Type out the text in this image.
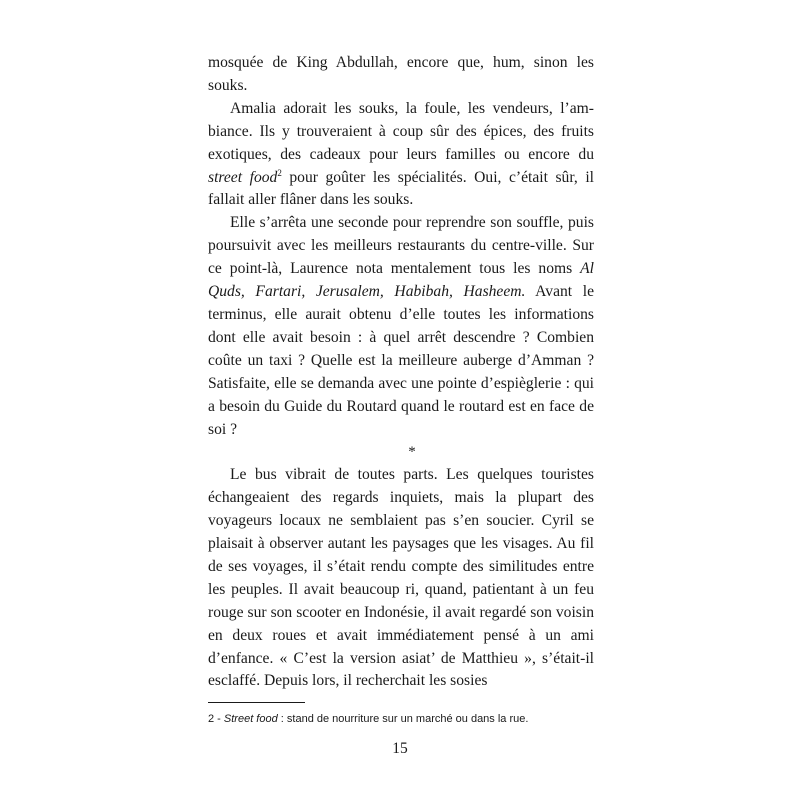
mosquée de King Abdullah, encore que, hum, sinon les souks.

Amalia adorait les souks, la foule, les vendeurs, l’ambiance. Ils y trouveraient à coup sûr des épices, des fruits exotiques, des cadeaux pour leurs familles ou encore du street food$^2$ pour goûter les spécialités. Oui, c’était sûr, il fallait aller flâner dans les souks.

Elle s’arrêta une seconde pour reprendre son souffle, puis poursuivit avec les meilleurs restaurants du centre-ville. Sur ce point-là, Laurence nota mentalement tous les noms Al Quds, Fartari, Jerusalem, Habibah, Hasheem. Avant le terminus, elle aurait obtenu d’elle toutes les informations dont elle avait besoin : à quel arrêt descendre ? Combien coûte un taxi ? Quelle est la meilleure auberge d’Amman ? Satisfaite, elle se demanda avec une pointe d’espièglerie : qui a besoin du Guide du Routard quand le routard est en face de soi ?

*

Le bus vibrait de toutes parts. Les quelques touristes échangeaient des regards inquiets, mais la plupart des voyageurs locaux ne semblaient pas s’en soucier. Cyril se plaisait à observer autant les paysages que les visages. Au fil de ses voyages, il s’était rendu compte des similitudes entre les peuples. Il avait beaucoup ri, quand, patientant à un feu rouge sur son scooter en Indonésie, il avait regardé son voisin en deux roues et avait immédiatement pensé à un ami d’enfance. « C’est la version asiat’ de Matthieu », s’était-il esclaffé. Depuis lors, il recherchait les sosies

2 - Street food : stand de nourriture sur un marché ou dans la rue.
15
